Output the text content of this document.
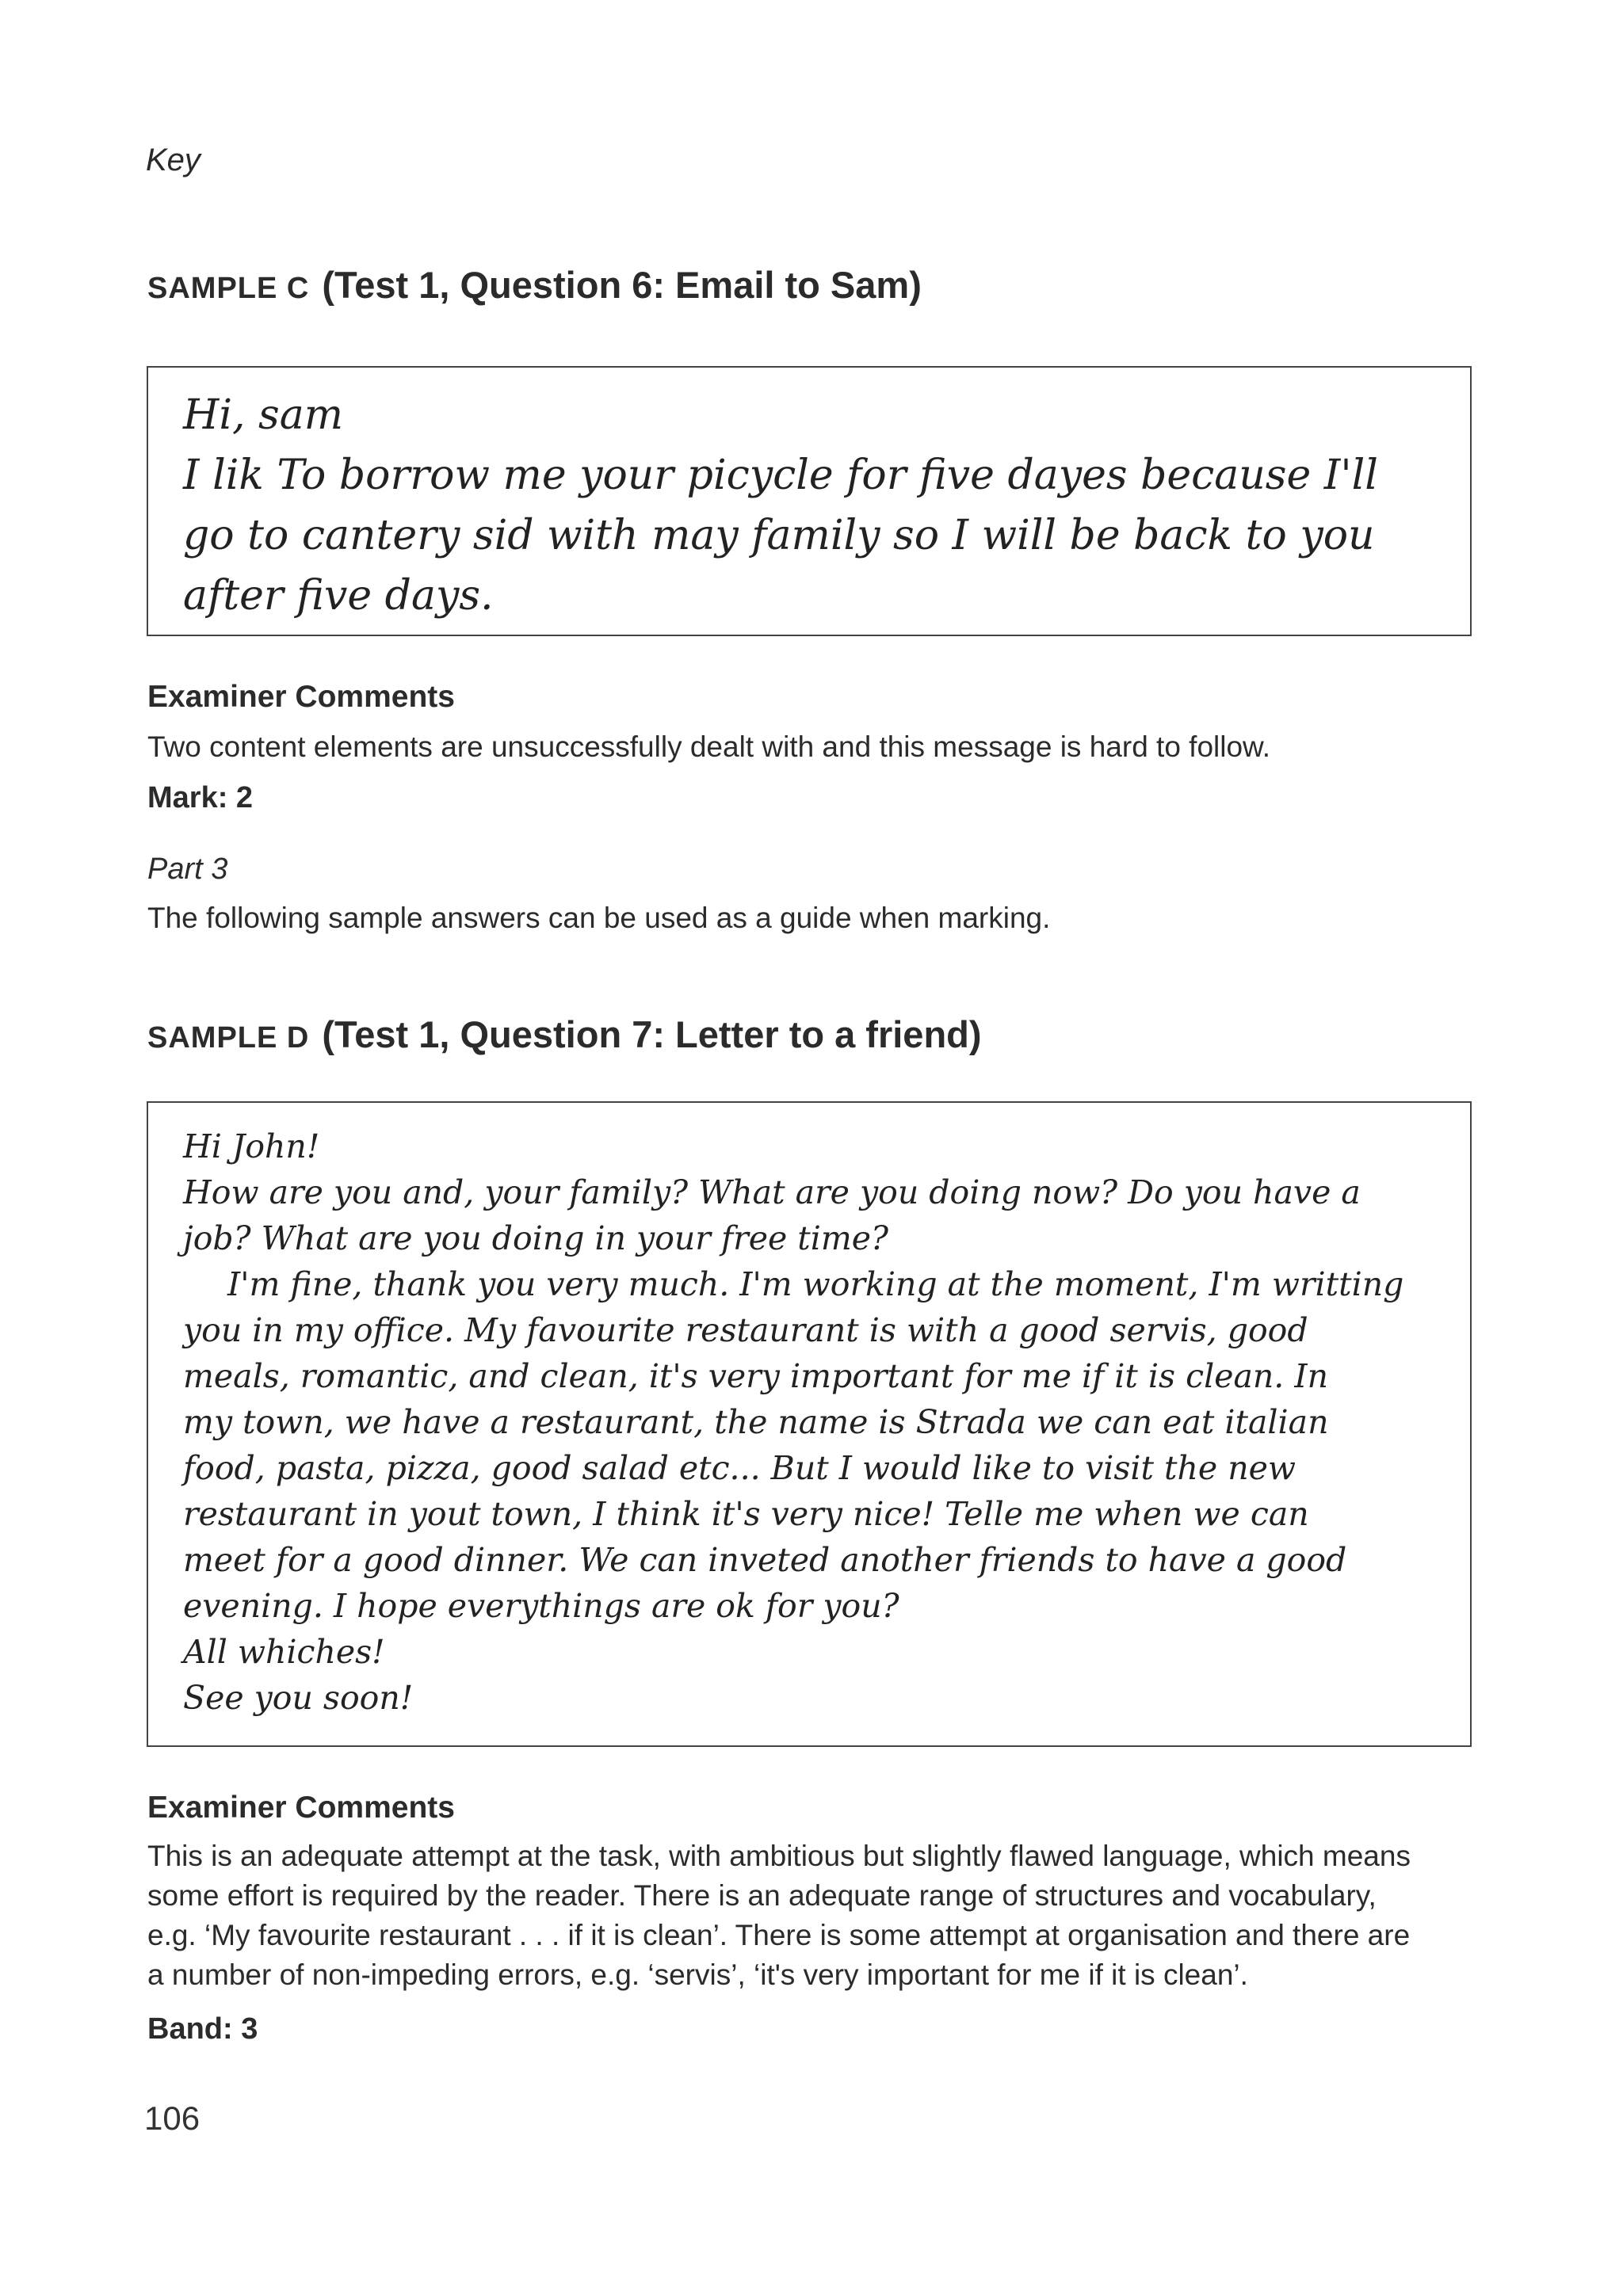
Key
SAMPLE C (Test 1, Question 6: Email to Sam)
Hi, sam
I lik To borrow me your picycle for five dayes because I'll
go to cantery sid with may family so I will be back to you
after five days.
Examiner Comments
Two content elements are unsuccessfully dealt with and this message is hard to follow.
Mark: 2
Part 3
The following sample answers can be used as a guide when marking.
SAMPLE D (Test 1, Question 7: Letter to a friend)
Hi John!
How are you and, your family? What are you doing now? Do you have a
job? What are you doing in your free time?
I'm fine, thank you very much. I'm working at the moment, I'm writting
you in my office. My favourite restaurant is with a good servis, good
meals, romantic, and clean, it's very important for me if it is clean. In
my town, we have a restaurant, the name is Strada we can eat italian
food, pasta, pizza, good salad etc... But I would like to visit the new
restaurant in yout town, I think it's very nice! Telle me when we can
meet for a good dinner. We can inveted another friends to have a good
evening. I hope everythings are ok for you?
All whiches!
See you soon!
Examiner Comments
This is an adequate attempt at the task, with ambitious but slightly flawed language, which means
some effort is required by the reader. There is an adequate range of structures and vocabulary,
e.g. ‘My favourite restaurant . . . if it is clean’. There is some attempt at organisation and there are
a number of non-impeding errors, e.g. ‘servis’, ‘it's very important for me if it is clean’.
Band: 3
106
